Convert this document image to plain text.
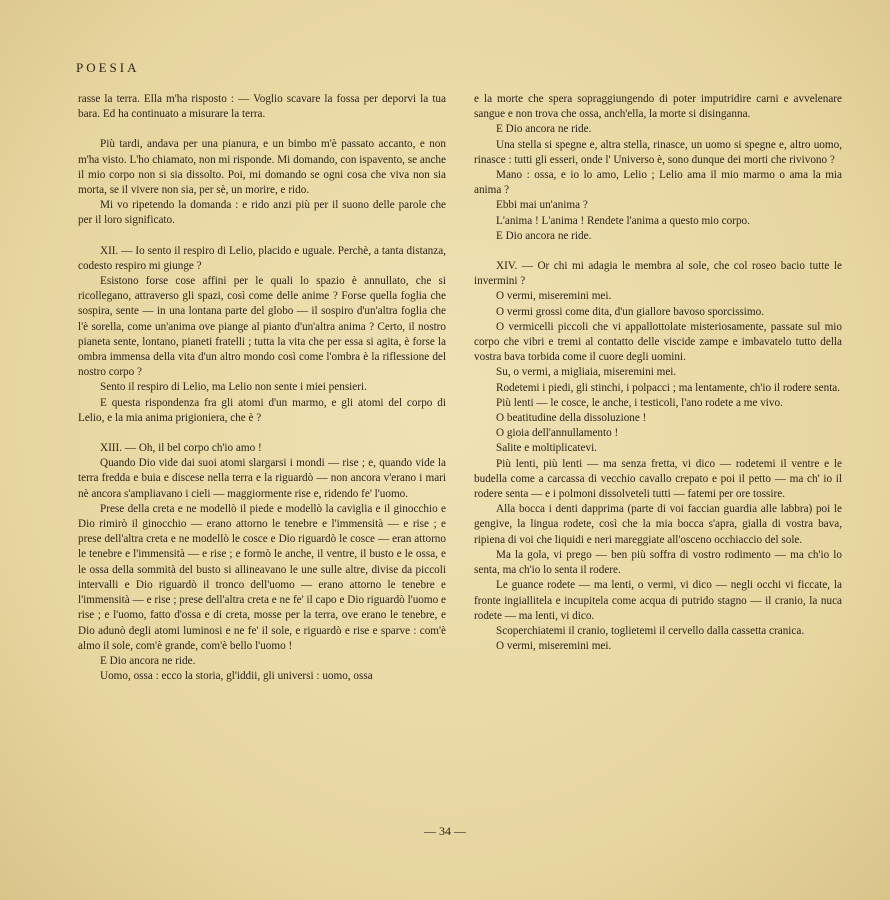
POESIA

rasse la terra. Ella m'ha risposto : — Voglio scavare la fossa per deporvi la tua bara. Ed ha continuato a misurare la terra.

Più tardi, andava per una pianura, e un bimbo m'è passato accanto, e non m'ha visto. L'ho chiamato, non mi risponde. Mi domando, con ispavento, se anche il mio corpo non si sia dissolto. Poi, mi domando se ogni cosa che viva non sia morta, se il vivere non sia, per sè, un morire, e rido.

Mi vo ripetendo la domanda : e rido anzi più per il suono delle parole che per il loro significato.

XII. — Io sento il respiro di Lelio, placido e uguale. Perchè, a tanta distanza, codesto respiro mi giunge ?

Esistono forse cose affini per le quali lo spazio è annullato, che si ricollegano, attraverso gli spazi, così come delle anime ? Forse quella foglia che sospira, sente — in una lontana parte del globo — il sospiro d'un'altra foglia che l'è sorella, come un'anima ove piange al pianto d'un'altra anima ? Certo, il nostro pianeta sente, lontano, pianeti fratelli ; tutta la vita che per essa si agita, è forse la ombra immensa della vita d'un altro mondo così come l'ombra è la riflessione del nostro corpo ?

Sento il respiro di Lelio, ma Lelio non sente i miei pensieri.

E questa rispondenza fra gli atomi d'un marmo, e gli atomi del corpo di Lelio, e la mia anima prigioniera, che è ?

XIII. — Oh, il bel corpo ch'io amo !

Quando Dio vide dai suoi atomi slargarsi i mondi — rise ; e, quando vide la terra fredda e buia e discese nella terra e la riguardò — non ancora v'erano i mari nè ancora s'ampliavano i cieli — maggiormente rise e, ridendo fe' l'uomo.

Prese della creta e ne modellò il piede e modellò la caviglia e il ginocchio e Dio rimirò il ginocchio — erano attorno le tenebre e l'immensità — e rise ; e prese dell'altra creta e ne modellò le cosce e Dio riguardò le cosce — eran attorno le tenebre e l'immensità — e rise ; e formò le anche, il ventre, il busto e le ossa, e le ossa della sommità del busto si allineavano le une sulle altre, divise da piccoli intervalli e Dio riguardò il tronco dell'uomo — erano attorno le tenebre e l'immensità — e rise ; prese dell'altra creta e ne fe' il capo e Dio riguardò l'uomo e rise ; e l'uomo, fatto d'ossa e di creta, mosse per la terra, ove erano le tenebre, e Dio adunò degli atomi luminosi e ne fe' il sole, e riguardò e rise e sparve : com'è almo il sole, com'è grande, com'è bello l'uomo !

E Dio ancora ne ride.

Uomo, ossa : ecco la storia, gl'iddii, gli universi : uomo, ossa

e la morte che spera sopraggiungendo di poter imputridire carni e avvelenare sangue e non trova che ossa, anch'ella, la morte si disinganna.

E Dio ancora ne ride.

Una stella si spegne e, altra stella, rinasce, un uomo si spegne e, altro uomo, rinasce : tutti gli esseri, onde l' Universo è, sono dunque dei morti che rivivono ?

Mano : ossa, e io lo amo, Lelio ; Lelio ama il mio marmo o ama la mia anima ?

Ebbi mai un'anima ?

L'anima ! L'anima ! Rendete l'anima a questo mio corpo.

E Dio ancora ne ride.

XIV. — Or chi mi adagia le membra al sole, che col roseo bacio tutte le invermini ?

O vermi, miseremini mei.

O vermi grossi come dita, d'un giallore bavoso sporcissimo.

O vermicelli piccoli che vi appallottolate misteriosamente, passate sul mio corpo che vibri e tremi al contatto delle viscide zampe e imbavatelo tutto della vostra bava torbida come il cuore degli uomini.

Su, o vermi, a migliaia, miseremini mei.

Rodetemi i piedi, gli stinchi, i polpacci ; ma lentamente, ch'io il rodere senta.

Più lenti — le cosce, le anche, i testicoli, l'ano rodete a me vivo.

O beatitudine della dissoluzione !

O gioia dell'annullamento !

Salite e moltiplicatevi.

Più lenti, più lenti — ma senza fretta, vi dico — rodetemi il ventre e le budella come a carcassa di vecchio cavallo crepato e poi il petto — ma ch' io il rodere senta — e i polmoni dissolveteli tutti — fatemi per ore tossire.

Alla bocca i denti dapprima (parte di voi faccian guardia alle labbra) poi le gengive, la lingua rodete, così che la mia bocca s'apra, gialla di vostra bava, ripiena di voi che liquidi e neri mareggiate all'osceno occhiaccio del sole.

Ma la gola, vi prego — ben più soffra di vostro rodimento — ma ch'io lo senta, ma ch'io lo senta il rodere.

Le guance rodete — ma lenti, o vermi, vi dico — negli occhi vi ficcate, la fronte ingiallitela e incupitela come acqua di putrido stagno — il cranio, la nuca rodete — ma lenti, vi dico.

Scoperchiatemi il cranio, toglietemi il cervello dalla cassetta cranica.

O vermi, miseremini mei.

— 34 —
